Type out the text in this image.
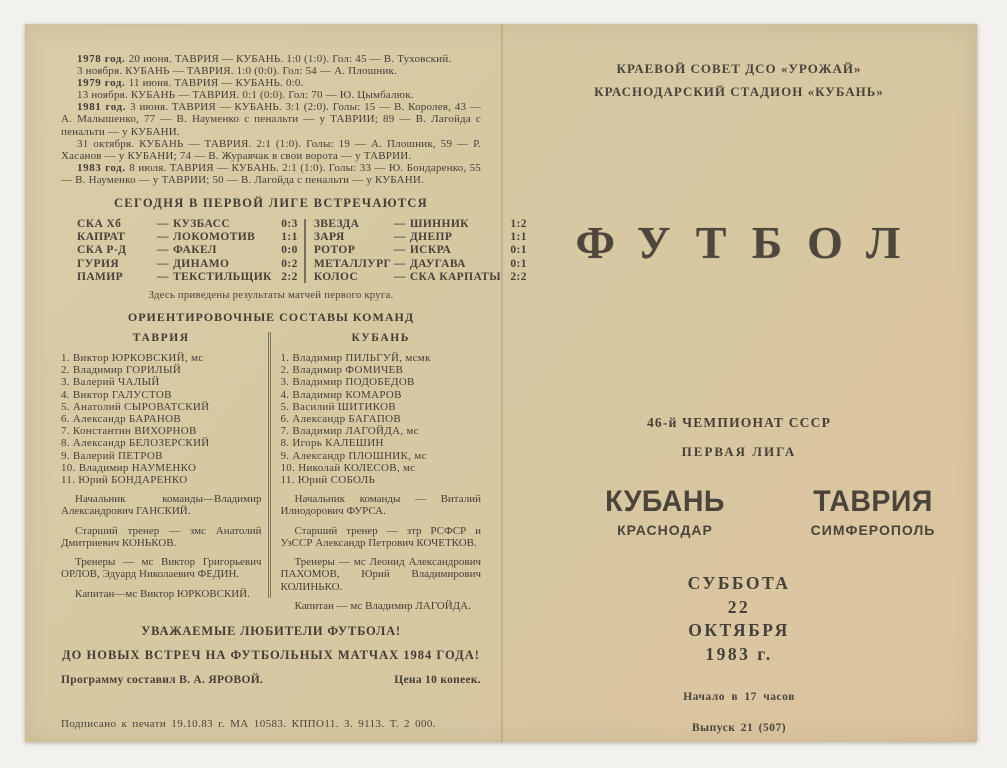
1978 год. 20 июня. ТАВРИЯ — КУБАНЬ. 1:0 (1:0). Гол: 45 — В. Туховский.

3 ноября. КУБАНЬ — ТАВРИЯ. 1:0 (0:0). Гол: 54 — А. Плошник.

1979 год. 11 июня. ТАВРИЯ — КУБАНЬ. 0:0.

13 ноября. КУБАНЬ — ТАВРИЯ. 0:1 (0:0). Гол: 70 — Ю. Цымбалюк.

1981 год. 3 июня. ТАВРИЯ — КУБАНЬ. 3:1 (2:0). Голы: 15 — В. Королев, 43 — А. Малышенко, 77 — В. Науменко с пенальти — у ТАВРИИ; 89 — В. Лагойда с пенальти — у КУБАНИ.

31 октября. КУБАНЬ — ТАВРИЯ. 2:1 (1:0). Голы: 19 — А. Плошник, 59 — Р. Хасанов — у КУБАНИ; 74 — В. Журавчак в свои ворота — у ТАВРИИ.

1983 год. 8 июля. ТАВРИЯ — КУБАНЬ. 2:1 (1:0). Голы: 33 — Ю. Бондаренко, 55 — В. Науменко — у ТАВРИИ; 50 — В. Лагойда с пенальти — у КУБАНИ.

СЕГОДНЯ В ПЕРВОЙ ЛИГЕ ВСТРЕЧАЮТСЯ
СКА Хб	— КУЗБАСС	0:3
КАПРАТ	— ЛОКОМОТИВ	1:1
СКА Р-Д	— ФАКЕЛ	0:0
ГУРИЯ	— ДИНАМО	0:2
ПАМИР	— ТЕКСТИЛЬЩИК 2:2
ЗВЕЗДА	— ШИННИК	1:2
ЗАРЯ	— ДНЕПР	1:1
РОТОР	— ИСКРА	0:1
МЕТАЛЛУРГ — ДАУГАВА	0:1
КОЛОС	— СКА КАРПАТЫ 2:2
Здесь приведены результаты матчей первого круга.
ОРИЕНТИРОВОЧНЫЕ СОСТАВЫ КОМАНД
ТАВРИЯ
1. Виктор ЮРКОВСКИЙ, мс
2. Владимир ГОРИЛЫЙ
3. Валерий ЧАЛЫЙ
4. Виктор ГАЛУСТОВ
5. Анатолий СЫРОВАТСКИЙ
6. Александр БАРАНОВ
7. Константин ВИХОРНОВ
8. Александр БЕЛОЗЕРСКИЙ
9. Валерий ПЕТРОВ
10. Владимир НАУМЕНКО
11. Юрий БОНДАРЕНКО

Начальник команды—Владимир Александрович ГАНСКИЙ.

Старший тренер — змс Анатолий Дмитриевич КОНЬКОВ.

Тренеры — мс Виктор Григорьевич ОРЛОВ, Эдуард Николаевич ФЕДИН.

Капитан—мс Виктор ЮРКОВСКИЙ.

КУБАНЬ
1. Владимир ПИЛЬГУЙ, мсмк
2. Владимир ФОМИЧЕВ
3. Владимир ПОДОБЕДОВ
4. Владимир КОМАРОВ
5. Василий ШИТИКОВ
6. Александр БАГАПОВ
7. Владимир ЛАГОЙДА, мс
8. Игорь КАЛЕШИН
9. Александр ПЛОШНИК, мс
10. Николай КОЛЕСОВ, мс
11. Юрий СОБОЛЬ

Начальник команды — Виталий Илиодорович ФУРСА.

Старший тренер — зтр РСФСР и УзССР Александр Петрович КОЧЕТКОВ.

Тренеры — мс Леонид Александрович ПАХОМОВ, Юрий Владимирович КОЛИНЬКО.

Капитан — мс Владимир ЛАГОЙДА.

УВАЖАЕМЫЕ ЛЮБИТЕЛИ ФУТБОЛА!
ДО НОВЫХ ВСТРЕЧ НА ФУТБОЛЬНЫХ МАТЧАХ 1984 ГОДА!
Программу составил В. А. ЯРОВОЙ.	Цена 10 копеек.
Подписано к печати 19.10.83 г. МА 10583. КППО11. З. 9113. Т. 2 000.
КРАЕВОЙ СОВЕТ ДСО «УРОЖАЙ»
КРАСНОДАРСКИЙ СТАДИОН «КУБАНЬ»
ФУТБОЛ
46-й ЧЕМПИОНАТ СССР
ПЕРВАЯ ЛИГА
КУБАНЬ
КРАСНОДАР
ТАВРИЯ
СИМФЕРОПОЛЬ
СУББОТА
22
ОКТЯБРЯ
1983 г.
Начало в 17 часов
Выпуск 21 (507)
